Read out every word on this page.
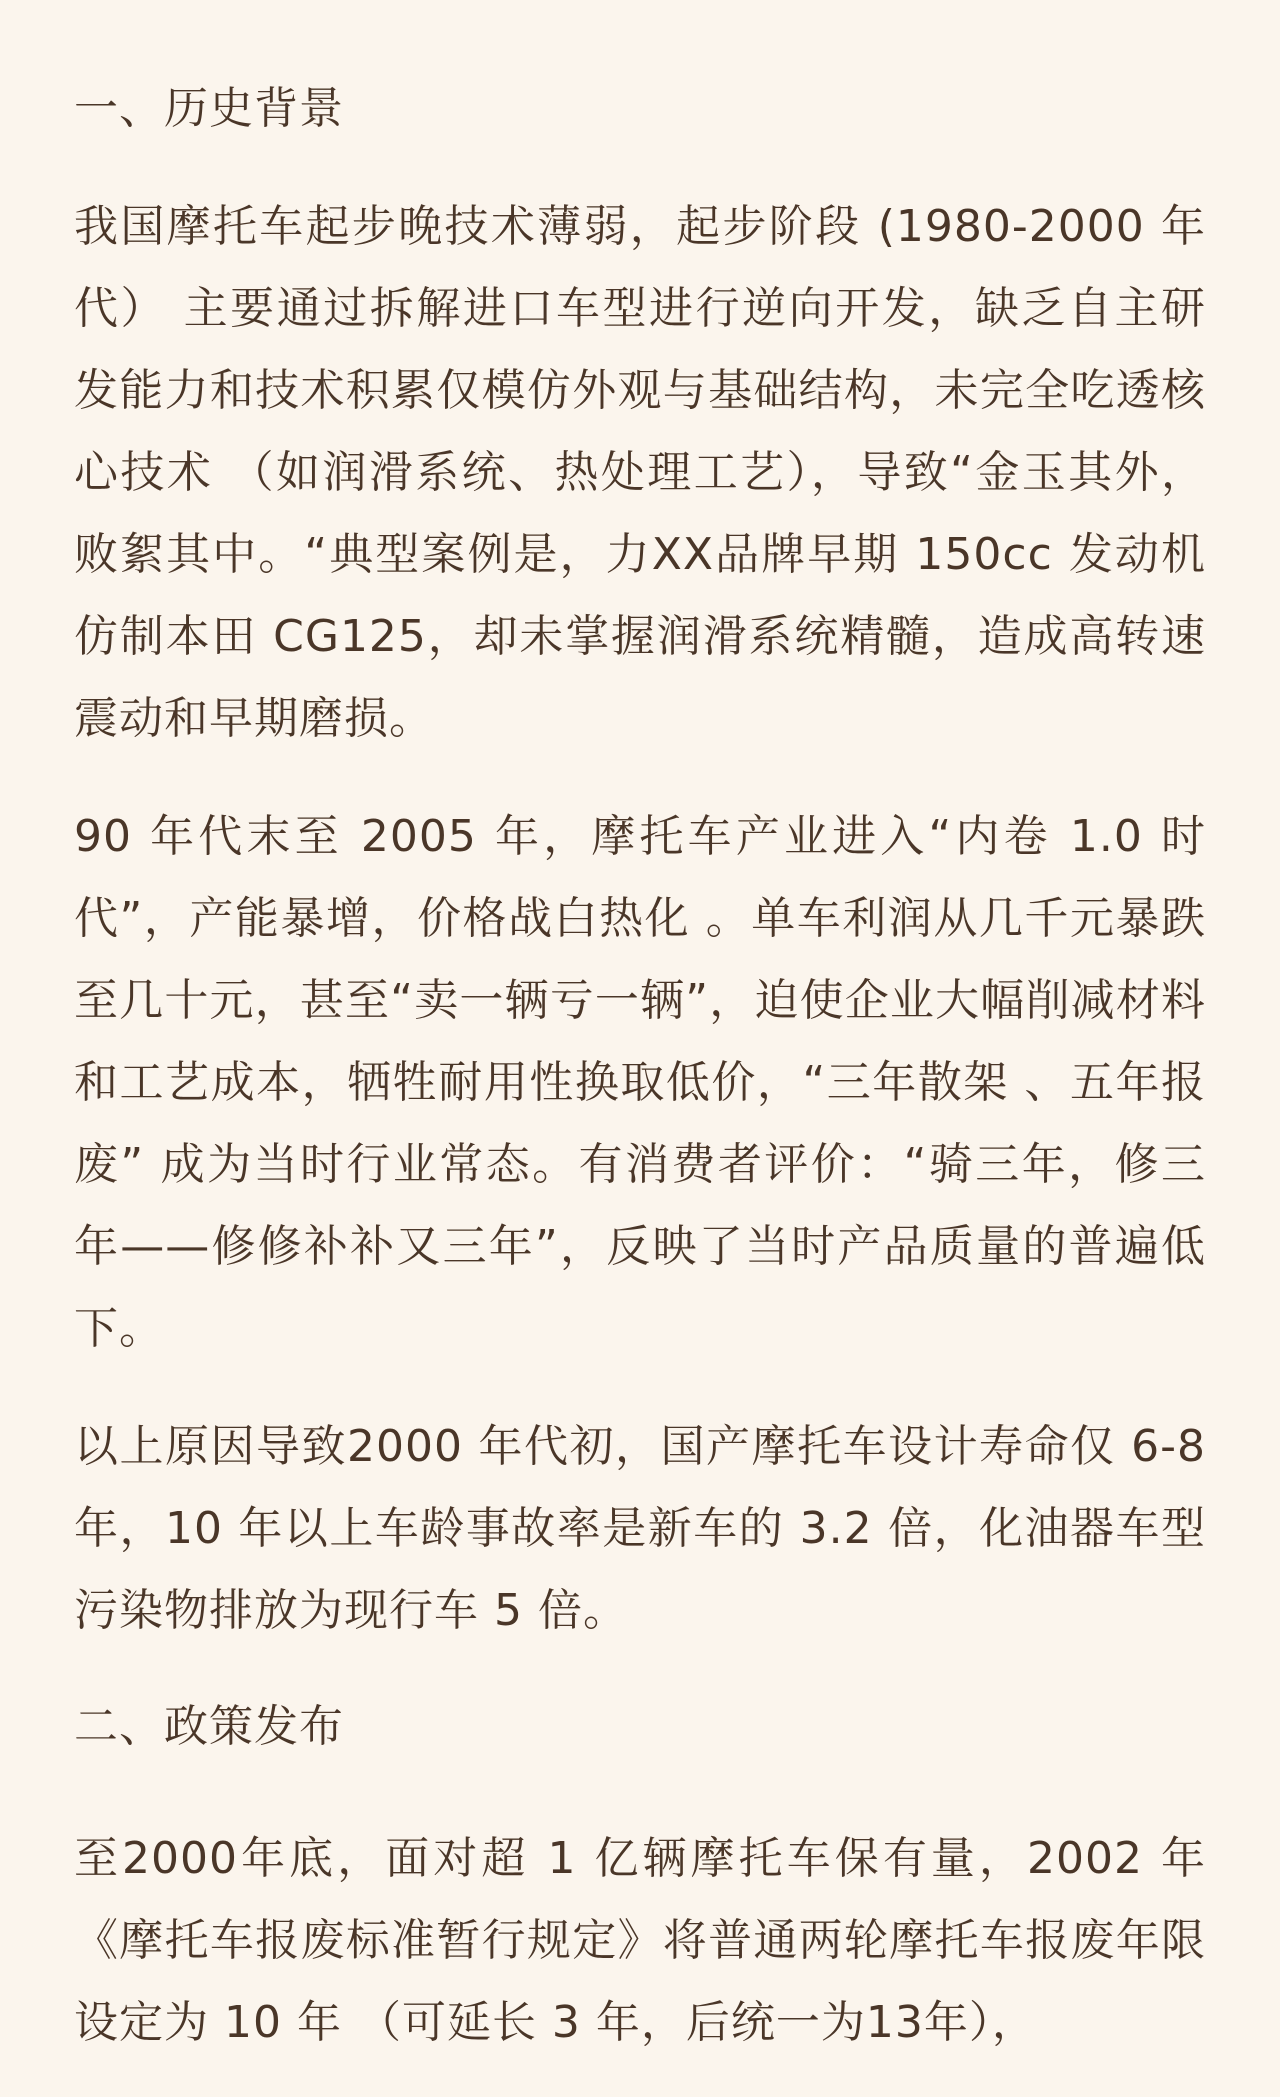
一、历史背景

我国摩托车起步晚技术薄弱，起步阶段 (1980-2000 年代） 主要通过拆解进口车型进行逆向开发，缺乏自主研发能力和技术积累仅模仿外观与基础结构，未完全吃透核心技术 （如润滑系统、热处理工艺），导致“金玉其外，败絮其中。“典型案例是，力XX品牌早期 150cc 发动机仿制本田 CG125，却未掌握润滑系统精髓，造成高转速震动和早期磨损。

90 年代末至 2005 年，摩托车产业进入“内卷 1.0 时代”，产能暴增，价格战白热化 。单车利润从几千元暴跌至几十元，甚至“卖一辆亏一辆”，迫使企业大幅削减材料和工艺成本，牺牲耐用性换取低价，“三年散架 、五年报废” 成为当时行业常态。有消费者评价：“骑三年，修三年——修修补补又三年”，反映了当时产品质量的普遍低下。

以上原因导致2000 年代初，国产摩托车设计寿命仅 6-8 年，10 年以上车龄事故率是新车的 3.2 倍，化油器车型污染物排放为现行车 5 倍。

二、政策发布

至2000年底，面对超 1 亿辆摩托车保有量，2002 年《摩托车报废标准暂行规定》将普通两轮摩托车报废年限设定为 10 年 （可延长 3 年，后统一为13年），
